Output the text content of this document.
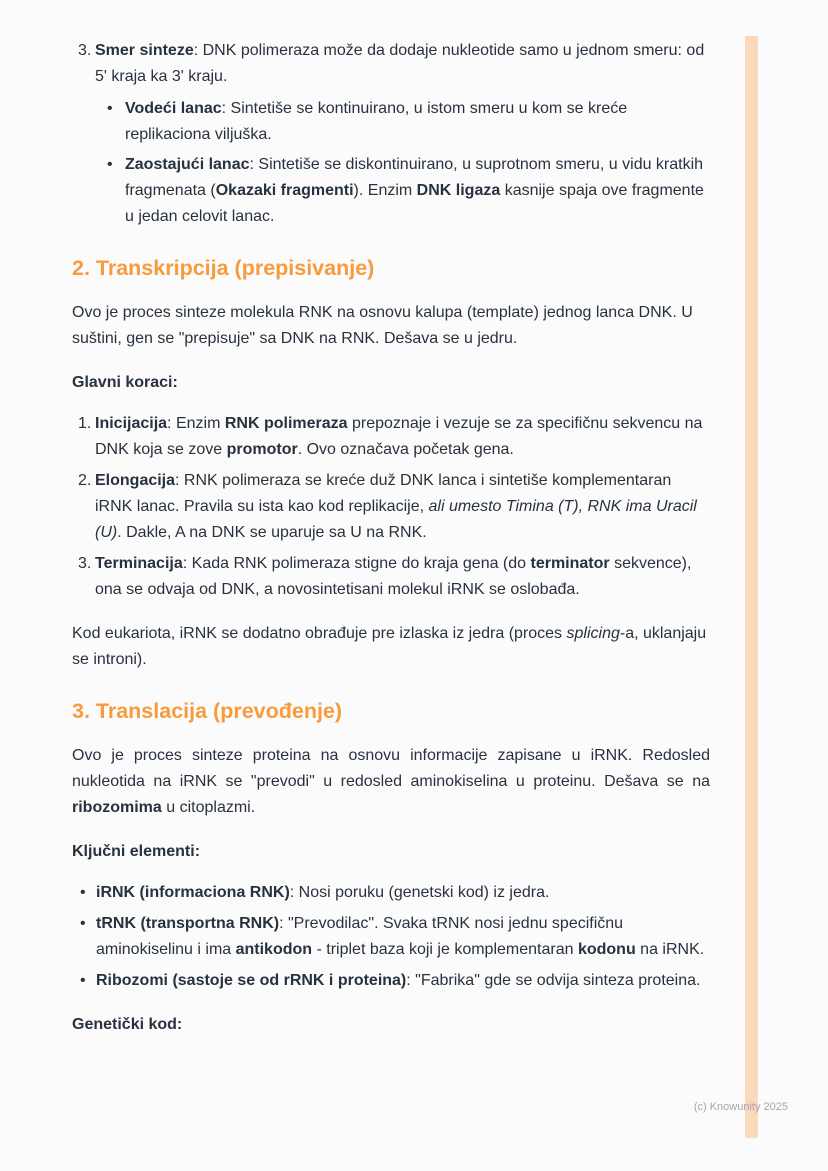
3. Smer sinteze: DNK polimeraza može da dodaje nukleotide samo u jednom smeru: od 5' kraja ka 3' kraju.
• Vodeći lanac: Sintetiše se kontinuirano, u istom smeru u kom se kreće replikaciona viljuška.
• Zaostajući lanac: Sintetiše se diskontinuirano, u suprotnom smeru, u vidu kratkih fragmenata (Okazaki fragmenti). Enzim DNK ligaza kasnije spaja ove fragmente u jedan celovit lanac.
2. Transkripcija (prepisivanje)

Ovo je proces sinteze molekula RNK na osnovu kalupa (template) jednog lanca DNK. U suštini, gen se "prepisuje" sa DNK na RNK. Dešava se u jedru.

Glavni koraci:

1. Inicijacija: Enzim RNK polimeraza prepoznaje i vezuje se za specifičnu sekvencu na DNK koja se zove promotor. Ovo označava početak gena.
2. Elongacija: RNK polimeraza se kreće duž DNK lanca i sintetiše komplementaran iRNK lanac. Pravila su ista kao kod replikacije, ali umesto Timina (T), RNK ima Uracil (U). Dakle, A na DNK se uparuje sa U na RNK.
3. Terminacija: Kada RNK polimeraza stigne do kraja gena (do terminator sekvence), ona se odvaja od DNK, a novosintetisani molekul iRNK se oslobađa.

Kod eukariota, iRNK se dodatno obrađuje pre izlaska iz jedra (proces splicing-a, uklanjaju se introni).

3. Translacija (prevođenje)

Ovo je proces sinteze proteina na osnovu informacije zapisane u iRNK. Redosled nukleotida na iRNK se "prevodi" u redosled aminokiselina u proteinu. Dešava se na ribozomima u citoplazmi.

Ključni elementi:

• iRNK (informaciona RNK): Nosi poruku (genetski kod) iz jedra.
• tRNK (transportna RNK): "Prevodilac". Svaka tRNK nosi jednu specifičnu aminokiselinu i ima antikodon - triplet baza koji je komplementaran kodonu na iRNK.
• Ribozomi (sastoje se od rRNK i proteina): "Fabrika" gde se odvija sinteza proteina.

Genetički kod:

(c) Knowunity 2025
